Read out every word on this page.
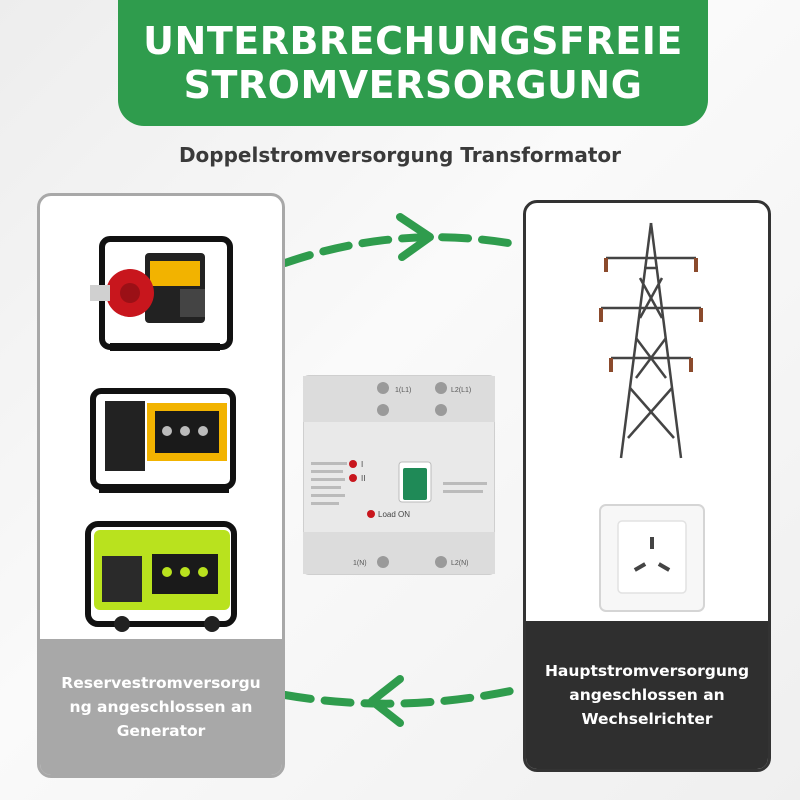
UNTERBRECHUNGSFREIE
STROMVERSORGUNG
Doppelstromversorgung Transformator
Reservestromversorgu
ng angeschlossen an
Generator
Hauptstromversorgung
angeschlossen an
Wechselrichter
1(L1)	L2(L1)
1(N)	L2(N)
I
II
Load ON
